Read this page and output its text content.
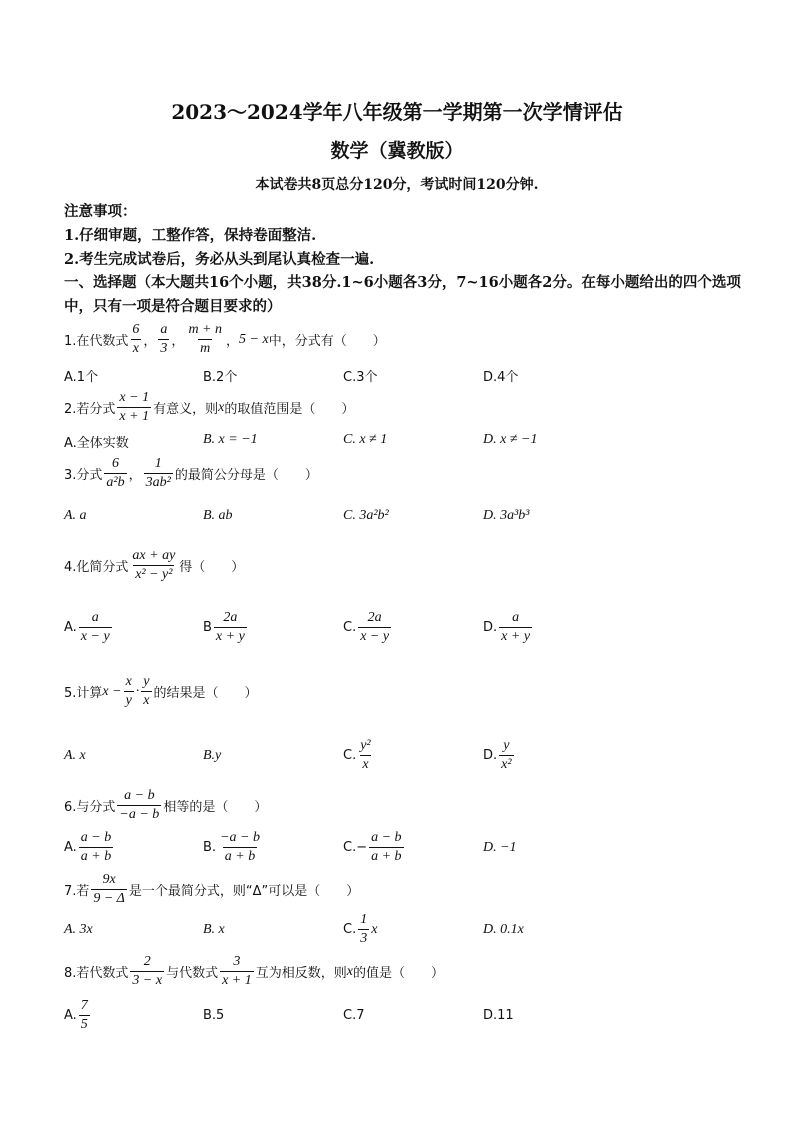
2023～2024学年八年级第一学期第一次学情评估
数学（冀教版）
本试卷共8页总分120分，考试时间120分钟.
注意事项：
1.仔细审题，工整作答，保持卷面整洁.
2.考生完成试卷后，务必从头到尾认真检查一遍.
一、选择题（本大题共16个小题，共38分.1~6小题各3分，7~16小题各2分。在每小题给出的四个选项中，只有一项是符合题目要求的）
1.在代数式 $\frac{6}{x}$ ， $\frac{a}{3}$ ， $\frac{m + n}{m}$ ， 5 − x 中，分式有（　　）
A.1个	B.2个	C.3个	D.4个
2.若分式 $\frac{x - 1}{x + 1}$ 有意义，则 x 的取值范围是（　　）
A.全体实数	B. x = −1	C. x ≠ 1	D. x ≠ −1
3.分式 $\frac{6}{\text{a²b}}$ ， $\frac{1}{\text{3ab²}}$ 的最简公分母是（　　）
A. a	B. ab	C. 3a²b²	D. 3a³b³
4.化简分式 $\frac{ax + ay}{\text{x² − y²}}$ 得（　　）
A. $\frac{a}{x - y}$	B $\frac{2a}{x + y}$	C. $\frac{2a}{x - y}$	D. $\frac{a}{x + y}$
5.计算 $x - \frac{x}{y} \cdot \frac{y}{x}$ 的结果是（　　）
A. x	B.y	C. $\frac{\text{y²}}{x}$	D. $\frac{y}{\text{x²}}$
6.与分式 $\frac{a - b}{-a - b}$ 相等的是（　　）
A. $\frac{a - b}{a + b}$	B. $\frac{-a - b}{a + b}$	$C.- \frac{a - b}{a + b}$	D. −1
7.若 $\frac{9x}{9 - \Delta}$ 是一个最简分式，则“Δ”可以是（　　）
A. 3x	B. x	C. $\frac{1}{3}$ x	D. 0.1x
8.若代数式 $\frac{2}{3 - x}$ 与代数式 $\frac{3}{x + 1}$ 互为相反数，则 x 的值是（　　）
A. $\frac{7}{5}$	B.5	C.7	D.11
